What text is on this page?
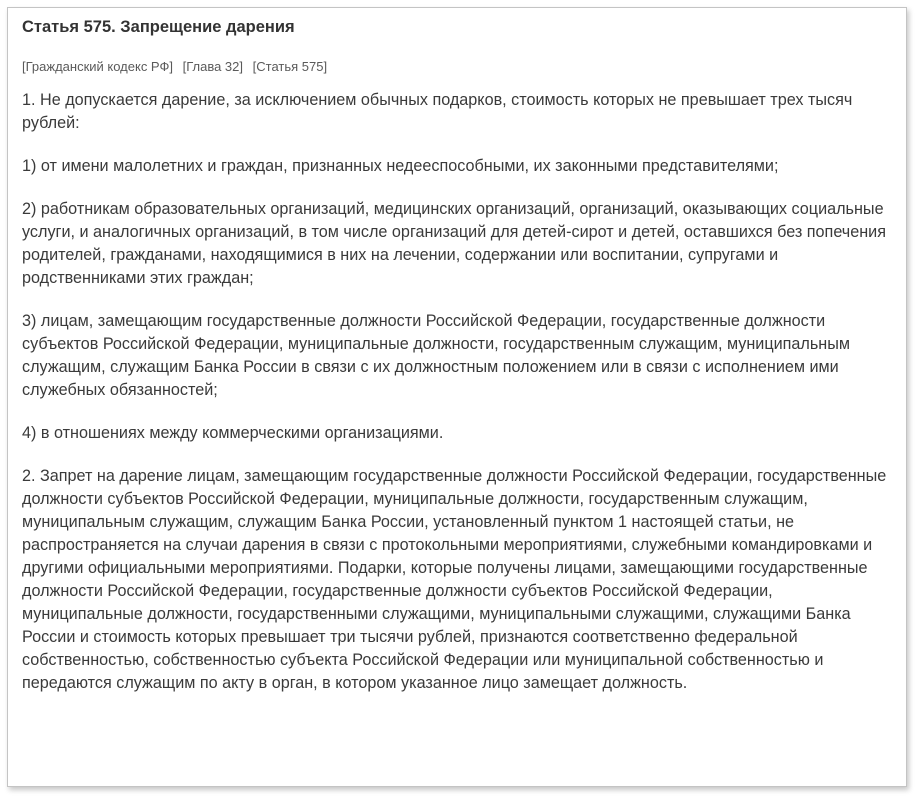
Статья 575. Запрещение дарения
[Гражданский кодекс РФ] [Глава 32] [Статья 575]

1. Не допускается дарение, за исключением обычных подарков, стоимость которых не превышает трех тысяч рублей:

1) от имени малолетних и граждан, признанных недееспособными, их законными представителями;

2) работникам образовательных организаций, медицинских организаций, организаций, оказывающих социальные услуги, и аналогичных организаций, в том числе организаций для детей-сирот и детей, оставшихся без попечения родителей, гражданами, находящимися в них на лечении, содержании или воспитании, супругами и родственниками этих граждан;

3) лицам, замещающим государственные должности Российской Федерации, государственные должности субъектов Российской Федерации, муниципальные должности, государственным служащим, муниципальным служащим, служащим Банка России в связи с их должностным положением или в связи с исполнением ими служебных обязанностей;

4) в отношениях между коммерческими организациями.

2. Запрет на дарение лицам, замещающим государственные должности Российской Федерации, государственные должности субъектов Российской Федерации, муниципальные должности, государственным служащим, муниципальным служащим, служащим Банка России, установленный пунктом 1 настоящей статьи, не распространяется на случаи дарения в связи с протокольными мероприятиями, служебными командировками и другими официальными мероприятиями. Подарки, которые получены лицами, замещающими государственные должности Российской Федерации, государственные должности субъектов Российской Федерации, муниципальные должности, государственными служащими, муниципальными служащими, служащими Банка России и стоимость которых превышает три тысячи рублей, признаются соответственно федеральной собственностью, собственностью субъекта Российской Федерации или муниципальной собственностью и передаются служащим по акту в орган, в котором указанное лицо замещает должность.
